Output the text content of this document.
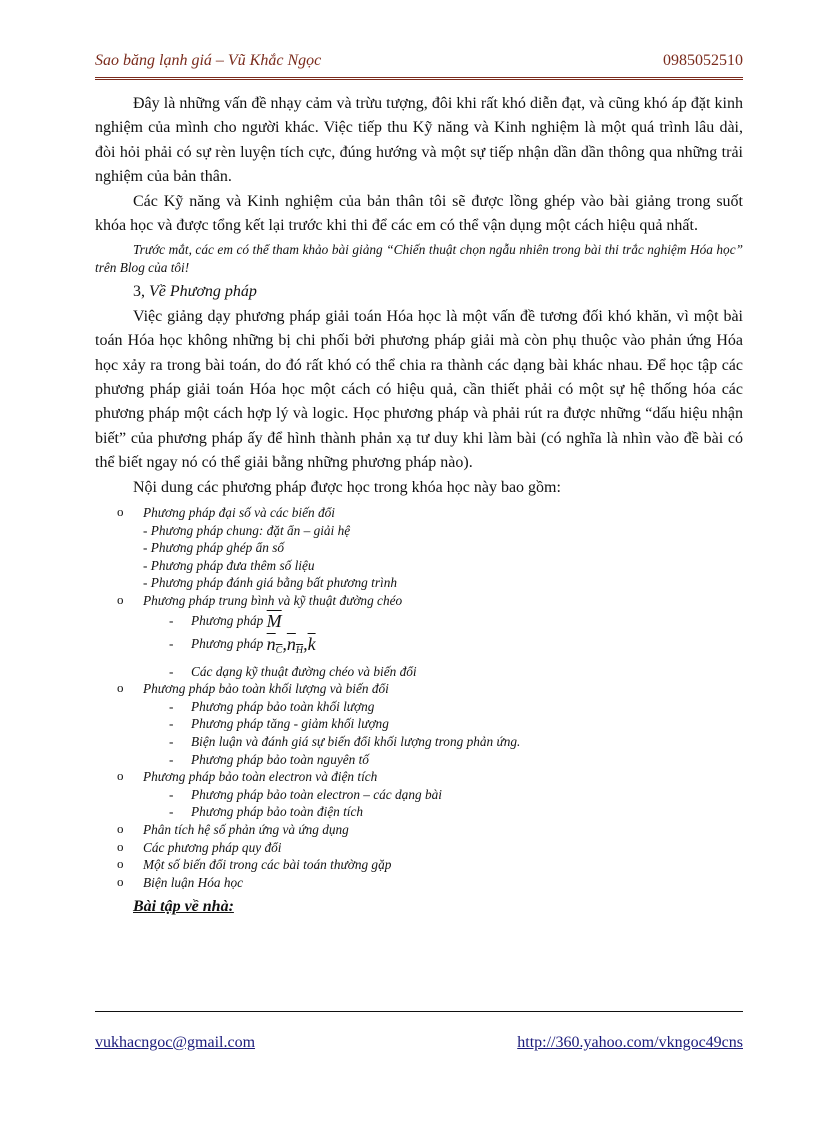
Sao băng lạnh giá – Vũ Khắc Ngọc	0985052510

Đây là những vấn đề nhạy cảm và trừu tượng, đôi khi rất khó diễn đạt, và cũng khó áp đặt kinh nghiệm của mình cho người khác. Việc tiếp thu Kỹ năng và Kinh nghiệm là một quá trình lâu dài, đòi hỏi phải có sự rèn luyện tích cực, đúng hướng và một sự tiếp nhận dần dần thông qua những trải nghiệm của bản thân.

Các Kỹ năng và Kinh nghiệm của bản thân tôi sẽ được lồng ghép vào bài giảng trong suốt khóa học và được tổng kết lại trước khi thi để các em có thể vận dụng một cách hiệu quả nhất.

Trước mắt, các em có thể tham khảo bài giảng “Chiến thuật chọn ngẫu nhiên trong bài thi trắc nghiệm Hóa học” trên Blog của tôi!

3, Về Phương pháp

Việc giảng dạy phương pháp giải toán Hóa học là một vấn đề tương đối khó khăn, vì một bài toán Hóa học không những bị chi phối bởi phương pháp giải mà còn phụ thuộc vào phản ứng Hóa học xảy ra trong bài toán, do đó rất khó có thể chia ra thành các dạng bài khác nhau. Để học tập các phương pháp giải toán Hóa học một cách có hiệu quả, cần thiết phải có một sự hệ thống hóa các phương pháp một cách hợp lý và logic. Học phương pháp và phải rút ra được những “dấu hiệu nhận biết” của phương pháp ấy để hình thành phản xạ tư duy khi làm bài (có nghĩa là nhìn vào đề bài có thể biết ngay nó có thể giải bằng những phương pháp nào).

Nội dung các phương pháp được học trong khóa học này bao gồm:

o Phương pháp đại số và các biến đổi
- Phương pháp chung: đặt ẩn – giải hệ
- Phương pháp ghép ẩn số
- Phương pháp đưa thêm số liệu
- Phương pháp đánh giá bằng bất phương trình
o Phương pháp trung bình và kỹ thuật đường chéo
- Phương pháp $\overline{M}$
- Phương pháp $nC,nH,\overline{k}$
- Các dạng kỹ thuật đường chéo và biến đổi
o Phương pháp bảo toàn khối lượng và biến đổi
- Phương pháp bảo toàn khối lượng
- Phương pháp tăng - giảm khối lượng
- Biện luận và đánh giá sự biến đổi khối lượng trong phản ứng.
- Phương pháp bảo toàn nguyên tố
o Phương pháp bảo toàn electron và điện tích
- Phương pháp bảo toàn electron – các dạng bài
- Phương pháp bảo toàn điện tích
o Phân tích hệ số phản ứng và ứng dụng
o Các phương pháp quy đổi
o Một số biến đổi trong các bài toán thường gặp
o Biện luận Hóa học
Bài tập về nhà:
vukhacngoc@gmail.com	http://360.yahoo.com/vkngoc49cns
